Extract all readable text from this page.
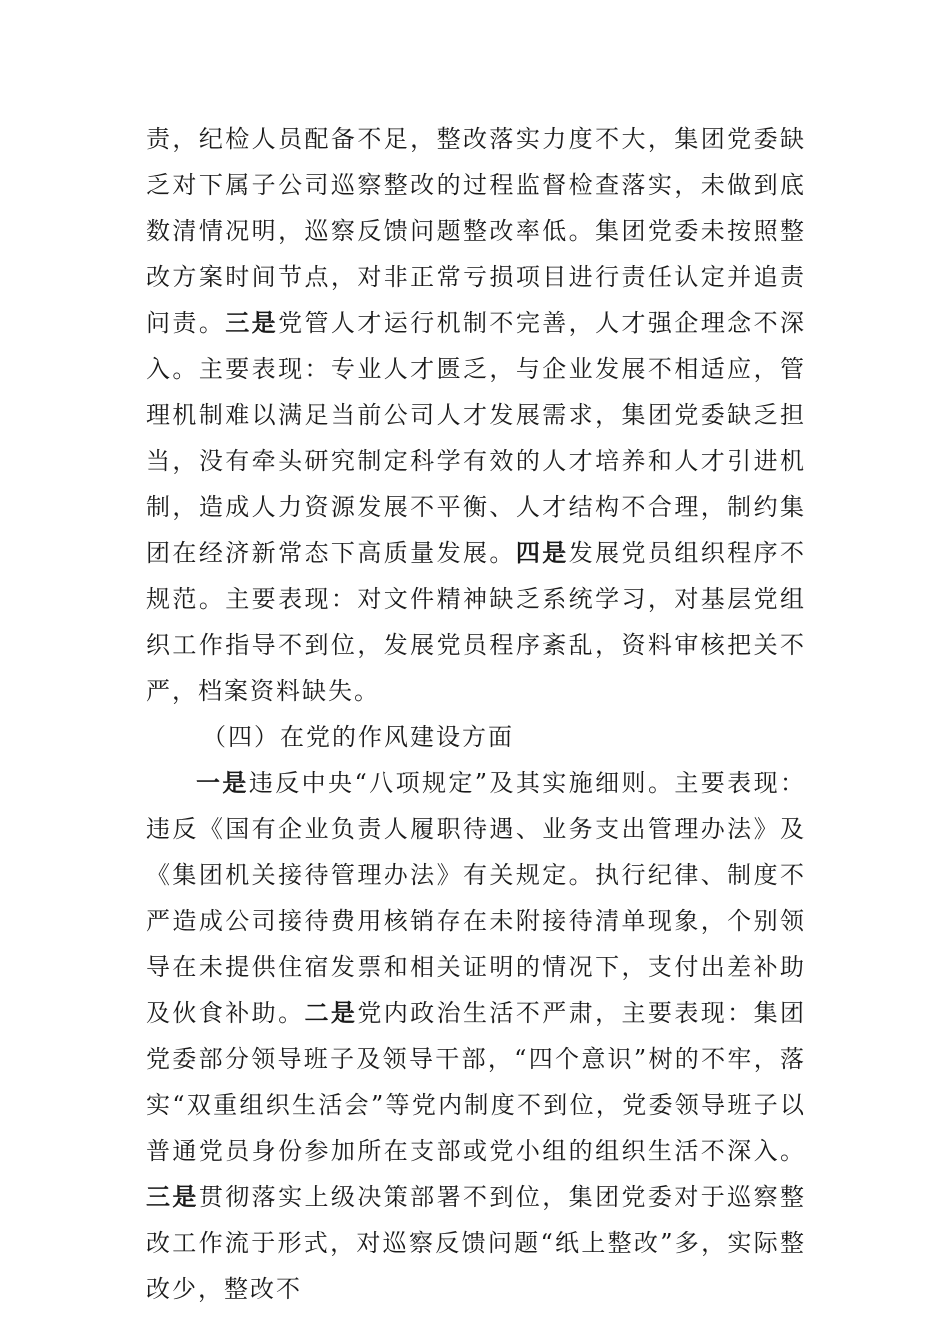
责，纪检人员配备不足，整改落实力度不大，集团党委缺乏对下属子公司巡察整改的过程监督检查落实，未做到底数清情况明，巡察反馈问题整改率低。集团党委未按照整改方案时间节点，对非正常亏损项目进行责任认定并追责问责。三是党管人才运行机制不完善，人才强企理念不深入。主要表现：专业人才匮乏，与企业发展不相适应，管理机制难以满足当前公司人才发展需求，集团党委缺乏担当，没有牵头研究制定科学有效的人才培养和人才引进机制，造成人力资源发展不平衡、人才结构不合理，制约集团在经济新常态下高质量发展。四是发展党员组织程序不规范。主要表现：对文件精神缺乏系统学习，对基层党组织工作指导不到位，发展党员程序紊乱，资料审核把关不严，档案资料缺失。

（四）在党的作风建设方面

一是违反中央“八项规定”及其实施细则。主要表现：违反《国有企业负责人履职待遇、业务支出管理办法》及《集团机关接待管理办法》有关规定。执行纪律、制度不严造成公司接待费用核销存在未附接待清单现象，个别领导在未提供住宿发票和相关证明的情况下，支付出差补助及伙食补助。二是党内政治生活不严肃，主要表现：集团党委部分领导班子及领导干部，“四个意识”树的不牢，落实“双重组织生活会”等党内制度不到位，党委领导班子以普通党员身份参加所在支部或党小组的组织生活不深入。三是贯彻落实上级决策部署不到位，集团党委对于巡察整改工作流于形式，对巡察反馈问题“纸上整改”多，实际整改少，整改不
